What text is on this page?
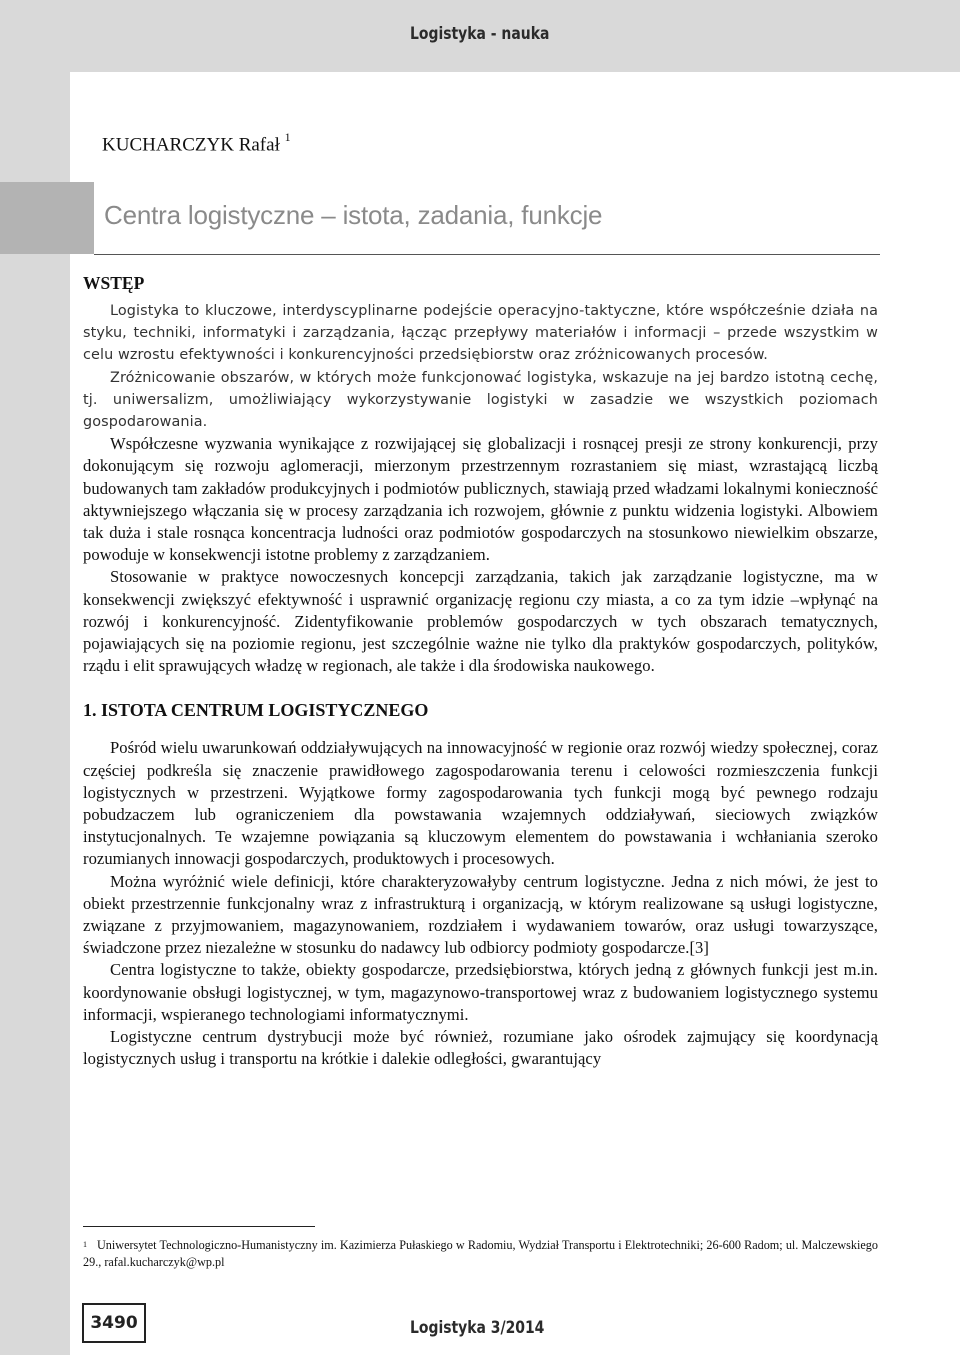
Logistyka - nauka
KUCHARCZYK Rafał $^1$
Centra logistyczne – istota, zadania, funkcje
WSTĘP

Logistyka to kluczowe, interdyscyplinarne podejście operacyjno-taktyczne, które współcześnie działa na styku, techniki, informatyki i zarządzania, łącząc przepływy materiałów i informacji – przede wszystkim w celu wzrostu efektywności i konkurencyjności przedsiębiorstw oraz zróżnicowanych procesów.

Zróżnicowanie obszarów, w których może funkcjonować logistyka, wskazuje na jej bardzo istotną cechę, tj. uniwersalizm, umożliwiający wykorzystywanie logistyki w zasadzie we wszystkich poziomach gospodarowania.

Współczesne wyzwania wynikające z rozwijającej się globalizacji i rosnącej presji ze strony konkurencji, przy dokonującym się rozwoju aglomeracji, mierzonym przestrzennym rozrastaniem się miast, wzrastającą liczbą budowanych tam zakładów produkcyjnych i podmiotów publicznych, stawiają przed władzami lokalnymi konieczność aktywniejszego włączania się w procesy zarządzania ich rozwojem, głównie z punktu widzenia logistyki. Albowiem tak duża i stale rosnąca koncentracja ludności oraz podmiotów gospodarczych na stosunkowo niewielkim obszarze, powoduje w konsekwencji istotne problemy z zarządzaniem.

Stosowanie w praktyce nowoczesnych koncepcji zarządzania, takich jak zarządzanie logistyczne, ma w konsekwencji zwiększyć efektywność i usprawnić organizację regionu czy miasta, a co za tym idzie –wpłynąć na rozwój i konkurencyjność. Zidentyfikowanie problemów gospodarczych w tych obszarach tematycznych, pojawiających się na poziomie regionu, jest szczególnie ważne nie tylko dla praktyków gospodarczych, polityków, rządu i elit sprawujących władzę w regionach, ale także i dla środowiska naukowego.

1. ISTOTA CENTRUM LOGISTYCZNEGO

Pośród wielu uwarunkowań oddziaływujących na innowacyjność w regionie oraz rozwój wiedzy społecznej, coraz częściej podkreśla się znaczenie prawidłowego zagospodarowania terenu i celowości rozmieszczenia funkcji logistycznych w przestrzeni. Wyjątkowe formy zagospodarowania tych funkcji mogą być pewnego rodzaju pobudzaczem lub ograniczeniem dla powstawania wzajemnych oddziaływań, sieciowych związków instytucjonalnych. Te wzajemne powiązania są kluczowym elementem do powstawania i wchłaniania szeroko rozumianych innowacji gospodarczych, produktowych i procesowych.

Można wyróżnić wiele definicji, które charakteryzowałyby centrum logistyczne. Jedna z nich mówi, że jest to obiekt przestrzennie funkcjonalny wraz z infrastrukturą i organizacją, w którym realizowane są usługi logistyczne, związane z przyjmowaniem, magazynowaniem, rozdziałem i wydawaniem towarów, oraz usługi towarzyszące, świadczone przez niezależne w stosunku do nadawcy lub odbiorcy podmioty gospodarcze.[3]

Centra logistyczne to także, obiekty gospodarcze, przedsiębiorstwa, których jedną z głównych funkcji jest m.in. koordynowanie obsługi logistycznej, w tym, magazynowo-transportowej wraz z budowaniem logistycznego systemu informacji, wspieranego technologiami informatycznymi.

Logistyczne centrum dystrybucji może być również, rozumiane jako ośrodek zajmujący się koordynacją logistycznych usług i transportu na krótkie i dalekie odległości, gwarantujący

$^1$ Uniwersytet Technologiczno-Humanistyczny im. Kazimierza Pułaskiego w Radomiu, Wydział Transportu i Elektrotechniki; 26-600 Radom; ul. Malczewskiego 29., rafal.kucharczyk@wp.pl
3490	Logistyka 3/2014
